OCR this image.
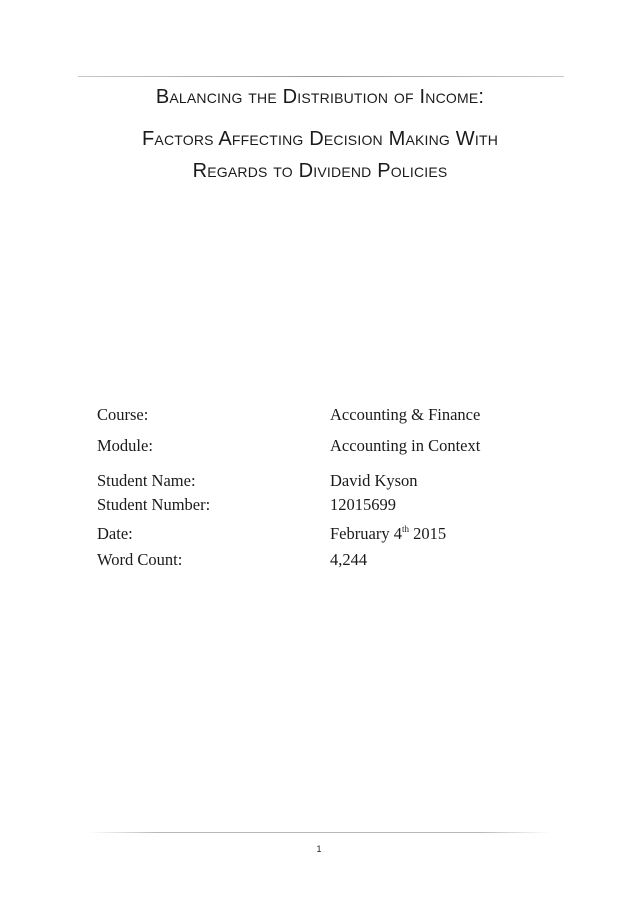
Balancing the Distribution of Income:
Factors Affecting Decision Making With
Regards to Dividend Policies
Course:	Accounting & Finance
Module:	Accounting in Context
Student Name:	David Kyson
Student Number:	12015699
Date:	February 4th 2015
Word Count:	4,244
1
